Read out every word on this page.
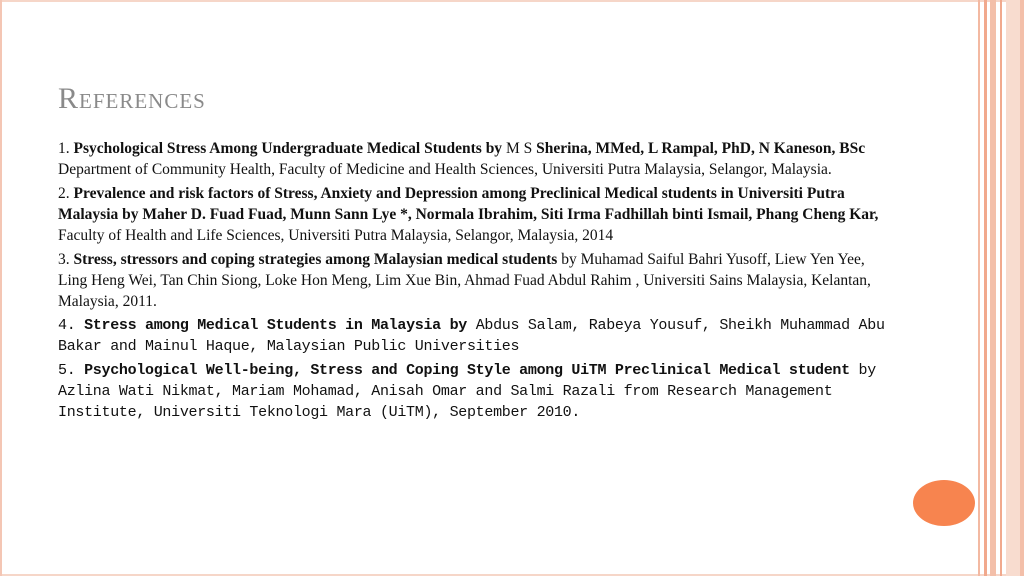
References

1. Psychological Stress Among Undergraduate Medical Students by M S Sherina, MMed, L Rampal, PhD, N Kaneson, BSc
Department of Community Health, Faculty of Medicine and Health Sciences, Universiti Putra Malaysia, Selangor, Malaysia.

2. Prevalence and risk factors of Stress, Anxiety and Depression among Preclinical Medical students in Universiti Putra Malaysia by Maher D. Fuad Fuad, Munn Sann Lye *, Normala Ibrahim, Siti Irma Fadhillah binti Ismail, Phang Cheng Kar, Faculty of Health and Life Sciences, Universiti Putra Malaysia, Selangor, Malaysia, 2014

3. Stress, stressors and coping strategies among Malaysian medical students by Muhamad Saiful Bahri Yusoff, Liew Yen Yee, Ling Heng Wei, Tan Chin Siong, Loke Hon Meng, Lim Xue Bin, Ahmad Fuad Abdul Rahim , Universiti Sains Malaysia, Kelantan, Malaysia, 2011.

4. Stress among Medical Students in Malaysia by Abdus Salam, Rabeya Yousuf, Sheikh Muhammad Abu Bakar and Mainul Haque, Malaysian Public Universities

5. Psychological Well-being, Stress and Coping Style among UiTM Preclinical Medical student by Azlina Wati Nikmat, Mariam Mohamad, Anisah Omar and Salmi Razali from Research Management Institute, Universiti Teknologi Mara (UiTM), September 2010.
